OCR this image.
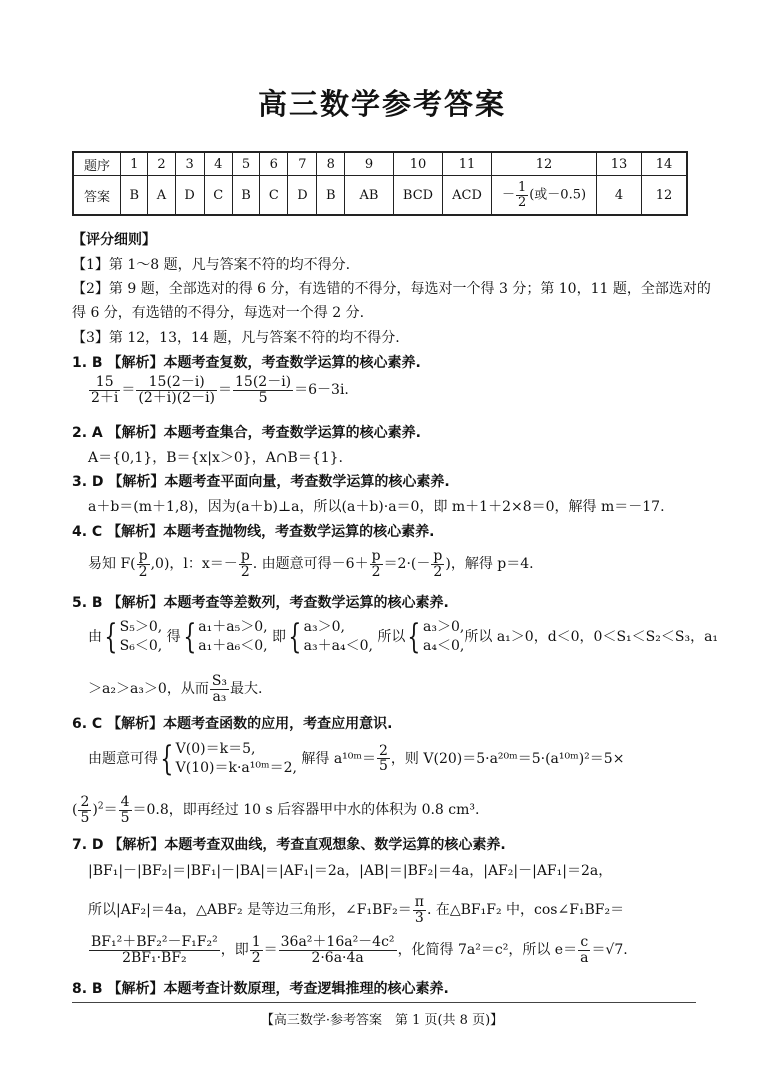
高三数学参考答案
题序	1	2	3	4	5	6	7	8	9	10	11	12	13	14
答案	B	A	D	C	B	C	D	B	AB	BCD	ACD	－ $\frac{1}{2}$ (或－0.5)	4	12
【评分细则】
【1】第 1～8 题，凡与答案不符的均不得分.
【2】第 9 题，全部选对的得 6 分，有选错的不得分，每选对一个得 3 分；第 10，11 题，全部选对的
得 6 分，有选错的不得分，每选对一个得 2 分.
【3】第 12，13，14 题，凡与答案不符的均不得分.
1. B 【解析】本题考查复数，考查数学运算的核心素养.
$\frac{15}{2+i} = \frac{15(2-i)}{(2+i)(2-i)} = \frac{15(2-i)}{5} =6-3i$.
2. A 【解析】本题考查集合，考查数学运算的核心素养.
A＝{0,1}，B＝{x|x＞0}，A∩B＝{1}.
3. D 【解析】本题考查平面向量，考查数学运算的核心素养.
a＋b＝(m＋1,8)，因为(a＋b)⊥a，所以(a＋b)·a＝0，即 m＋1＋2×8＝0，解得 m＝－17.
4. C 【解析】本题考查抛物线，考查数学运算的核心素养.
易知 $F( \frac{p}{2} ,0)$，l：$x=- \frac{p}{2}$ . 由题意可得$-6+ \frac{p}{2} =2\cdot(- \frac{p}{2}$ )，解得 p＝4.
5. B 【解析】本题考查等差数列，考查数学运算的核心素养.
由{ S₅＞0,
S₆＜0, 得{ a₁＋a₅＞0,
a₁＋a₆＜0, 即{ a₃＞0,
a₃＋a₄＜0, 所以{ a₃＞0,
a₄＜0,所以 a₁＞0，d＜0，0＜S₁＜S₂＜S₃，a₁
＞a₂＞a₃＞0，从而 $\frac{\text{S₃}}{\text{a₃}}$ 最大.
6. C 【解析】本题考查函数的应用，考查应用意识.
由题意可得{ V(0)＝k＝5,
V(10)＝k·a¹⁰ᵐ＝2, 解得 a¹⁰ᵐ＝ $\frac{2}{5}$ ，则 V(20)＝5·a²⁰ᵐ＝5·(a¹⁰ᵐ)²＝5×
( $\frac{2}{5} )^2= \frac{4}{5} =0.8$，即再经过 10 s 后容器甲中水的体积为 0.8 cm³.
7. D 【解析】本题考查双曲线，考查直观想象、数学运算的核心素养.
|BF₁|－|BF₂|＝|BF₁|－|BA|＝|AF₁|＝2a，|AB|＝|BF₂|＝4a，|AF₂|－|AF₁|＝2a，
所以|AF₂|＝4a，△ABF₂ 是等边三角形，∠F₁BF₂＝ $\frac{\pi}{3}$ . 在△BF₁F₂ 中，cos∠F₁BF₂＝
$\frac{\text{BF₁²＋BF₂²－F₁F₂²}}{\text{2BF₁·BF₂}}$ ，即 $\frac{1}{2} = \frac{\text{36a²＋16a²－4c²}}{2\cdot 6a\cdot 4a}$ ，化简得 7a²＝c²，所以 $e= \frac{c}{a} =√7$.
8. B 【解析】本题考查计数原理，考查逻辑推理的核心素养.
【高三数学·参考答案　第 1 页(共 8 页)】
